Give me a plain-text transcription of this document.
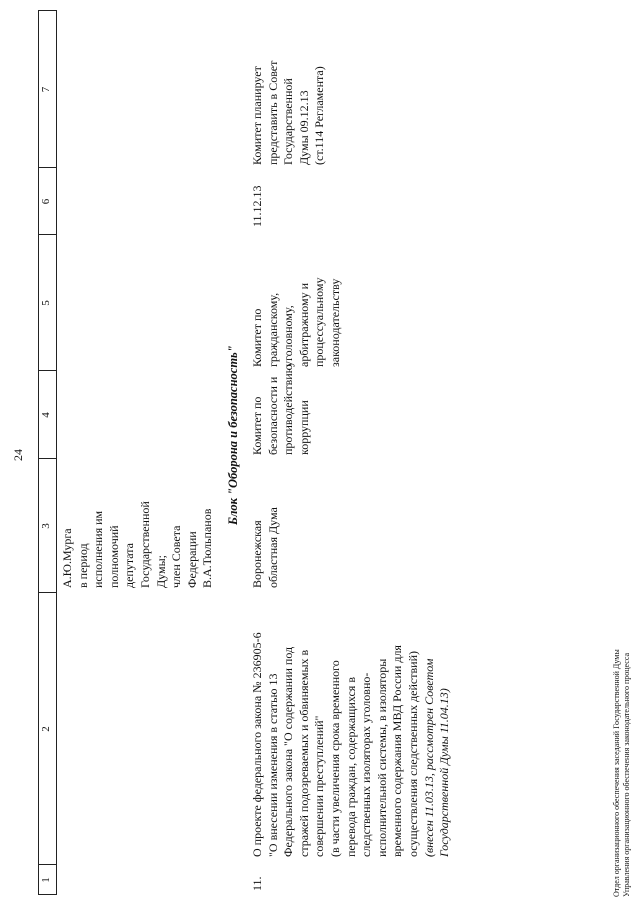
24
1
2
3
4
5
6
7
А.Ю.Мурга в период исполнения им полномочий депутата Государственной Думы; член Совета Федерации В.А.Тюльпанов
Блок "Оборона и безопасность"
11.
О проекте федерального закона № 236905-6 "О внесении изменения в статью 13 Федерального закона "О содержании под стражей подозреваемых и обвиняемых в совершении преступлений" (в части увеличения срока временного перевода граждан, содержащихся в следственных изоляторах уголовно- исполнительной системы, в изоляторы временного содержания МВД России для осуществления следственных действий) (внесен 11.03.13, рассмотрен Советом Государственной Думы 11.04.13)
Воронежская областная Дума
Комитет по безопасности и противодействию коррупции
Комитет по гражданскому, уголовному, арбитражному и процессуальному законодательству
11.12.13
Комитет планирует представить в Совет Государственной Думы 09.12.13 (ст.114 Регламента)
Отдел организационного обеспечения заседаний Государственной Думы Управления организационного обеспечения законодательного процесса
